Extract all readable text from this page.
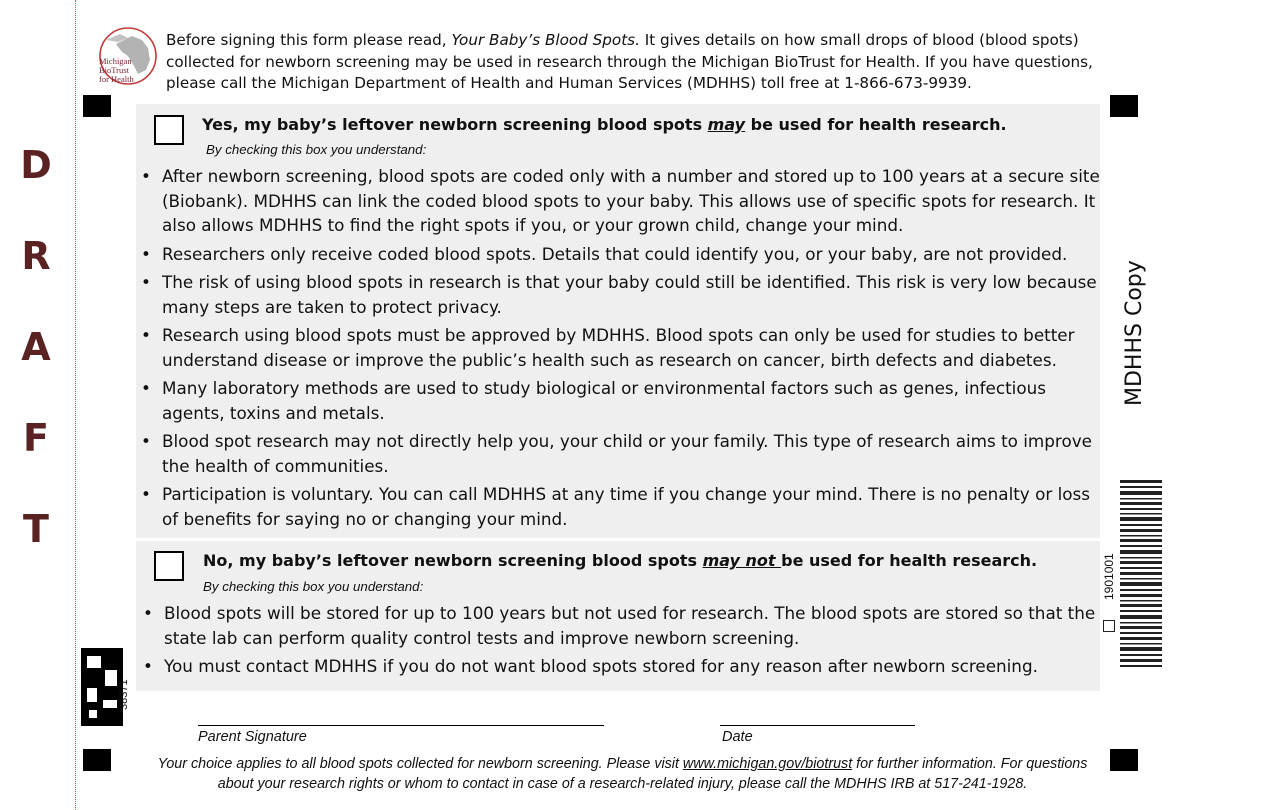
D
R
A
F
T
Michigan
BioTrust
for Health
Before signing this form please read, Your Baby’s Blood Spots. It gives details on how small drops of blood (blood spots) collected for newborn screening may be used in research through the Michigan BioTrust for Health. If you have questions, please call the Michigan Department of Health and Human Services (MDHHS) toll free at 1-866-673-9939.
Yes, my baby’s leftover newborn screening blood spots may be used for health research.
By checking this box you understand:
• After newborn screening, blood spots are coded only with a number and stored up to 100 years at a secure site (Biobank). MDHHS can link the coded blood spots to your baby. This allows use of specific spots for research. It also allows MDHHS to find the right spots if you, or your grown child, change your mind.
• Researchers only receive coded blood spots. Details that could identify you, or your baby, are not provided.
• The risk of using blood spots in research is that your baby could still be identified. This risk is very low because many steps are taken to protect privacy.
• Research using blood spots must be approved by MDHHS. Blood spots can only be used for studies to better understand disease or improve the public’s health such as research on cancer, birth defects and diabetes.
• Many laboratory methods are used to study biological or environmental factors such as genes, infectious agents, toxins and metals.
• Blood spot research may not directly help you, your child or your family. This type of research aims to improve the health of communities.
• Participation is voluntary. You can call MDHHS at any time if you change your mind. There is no penalty or loss of benefits for saying no or changing your mind.
No, my baby’s leftover newborn screening blood spots may not be used for health research.
By checking this box you understand:
• Blood spots will be stored for up to 100 years but not used for research. The blood spots are stored so that the state lab can perform quality control tests and improve newborn screening.
• You must contact MDHHS if you do not want blood spots stored for any reason after newborn screening.
38371
Parent Signature	Date
Your choice applies to all blood spots collected for newborn screening. Please visit www.michigan.gov/biotrust for further information. For questions about your research rights or whom to contact in case of a research-related injury, please call the MDHHS IRB at 517-241-1928.
MDHHS Copy
1901001
